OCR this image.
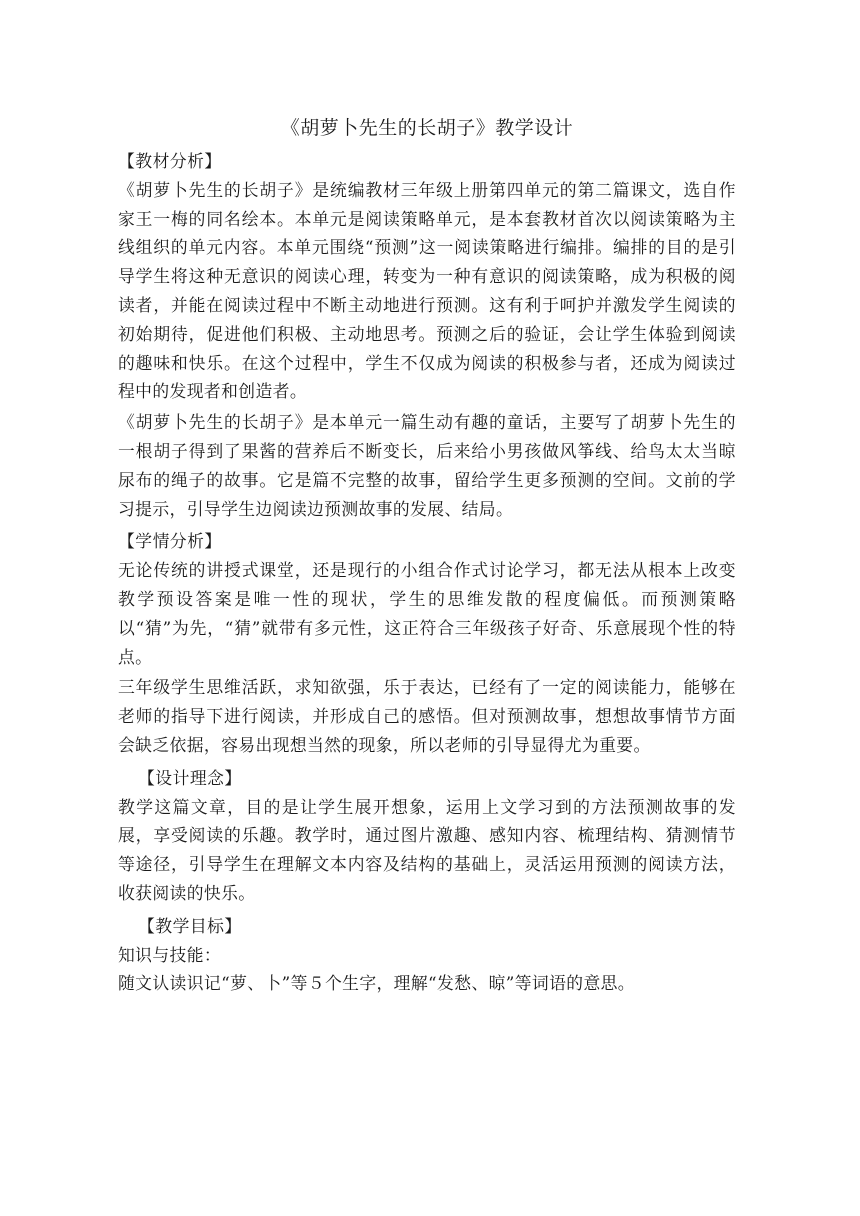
《胡萝卜先生的长胡子》教学设计

【教材分析】

《胡萝卜先生的长胡子》是统编教材三年级上册第四单元的第二篇课文，选自作家王一梅的同名绘本。本单元是阅读策略单元，是本套教材首次以阅读策略为主线组织的单元内容。本单元围绕“预测”这一阅读策略进行编排。编排的目的是引导学生将这种无意识的阅读心理，转变为一种有意识的阅读策略，成为积极的阅读者，并能在阅读过程中不断主动地进行预测。这有利于呵护并激发学生阅读的初始期待，促进他们积极、主动地思考。预测之后的验证，会让学生体验到阅读的趣味和快乐。在这个过程中，学生不仅成为阅读的积极参与者，还成为阅读过程中的发现者和创造者。

《胡萝卜先生的长胡子》是本单元一篇生动有趣的童话，主要写了胡萝卜先生的一根胡子得到了果酱的营养后不断变长，后来给小男孩做风筝线、给鸟太太当晾尿布的绳子的故事。它是篇不完整的故事，留给学生更多预测的空间。文前的学习提示，引导学生边阅读边预测故事的发展、结局。

【学情分析】

无论传统的讲授式课堂，还是现行的小组合作式讨论学习，都无法从根本上改变教学预设答案是唯一性的现状，学生的思维发散的程度偏低。而预测策略以“猜”为先，“猜”就带有多元性，这正符合三年级孩子好奇、乐意展现个性的特点。

三年级学生思维活跃，求知欲强，乐于表达，已经有了一定的阅读能力，能够在老师的指导下进行阅读，并形成自己的感悟。但对预测故事，想想故事情节方面会缺乏依据，容易出现想当然的现象，所以老师的引导显得尤为重要。

【设计理念】

教学这篇文章，目的是让学生展开想象，运用上文学习到的方法预测故事的发展，享受阅读的乐趣。教学时，通过图片激趣、感知内容、梳理结构、猜测情节等途径，引导学生在理解文本内容及结构的基础上，灵活运用预测的阅读方法，收获阅读的快乐。

【教学目标】

知识与技能：

随文认读识记“萝、卜”等５个生字，理解“发愁、晾”等词语的意思。
